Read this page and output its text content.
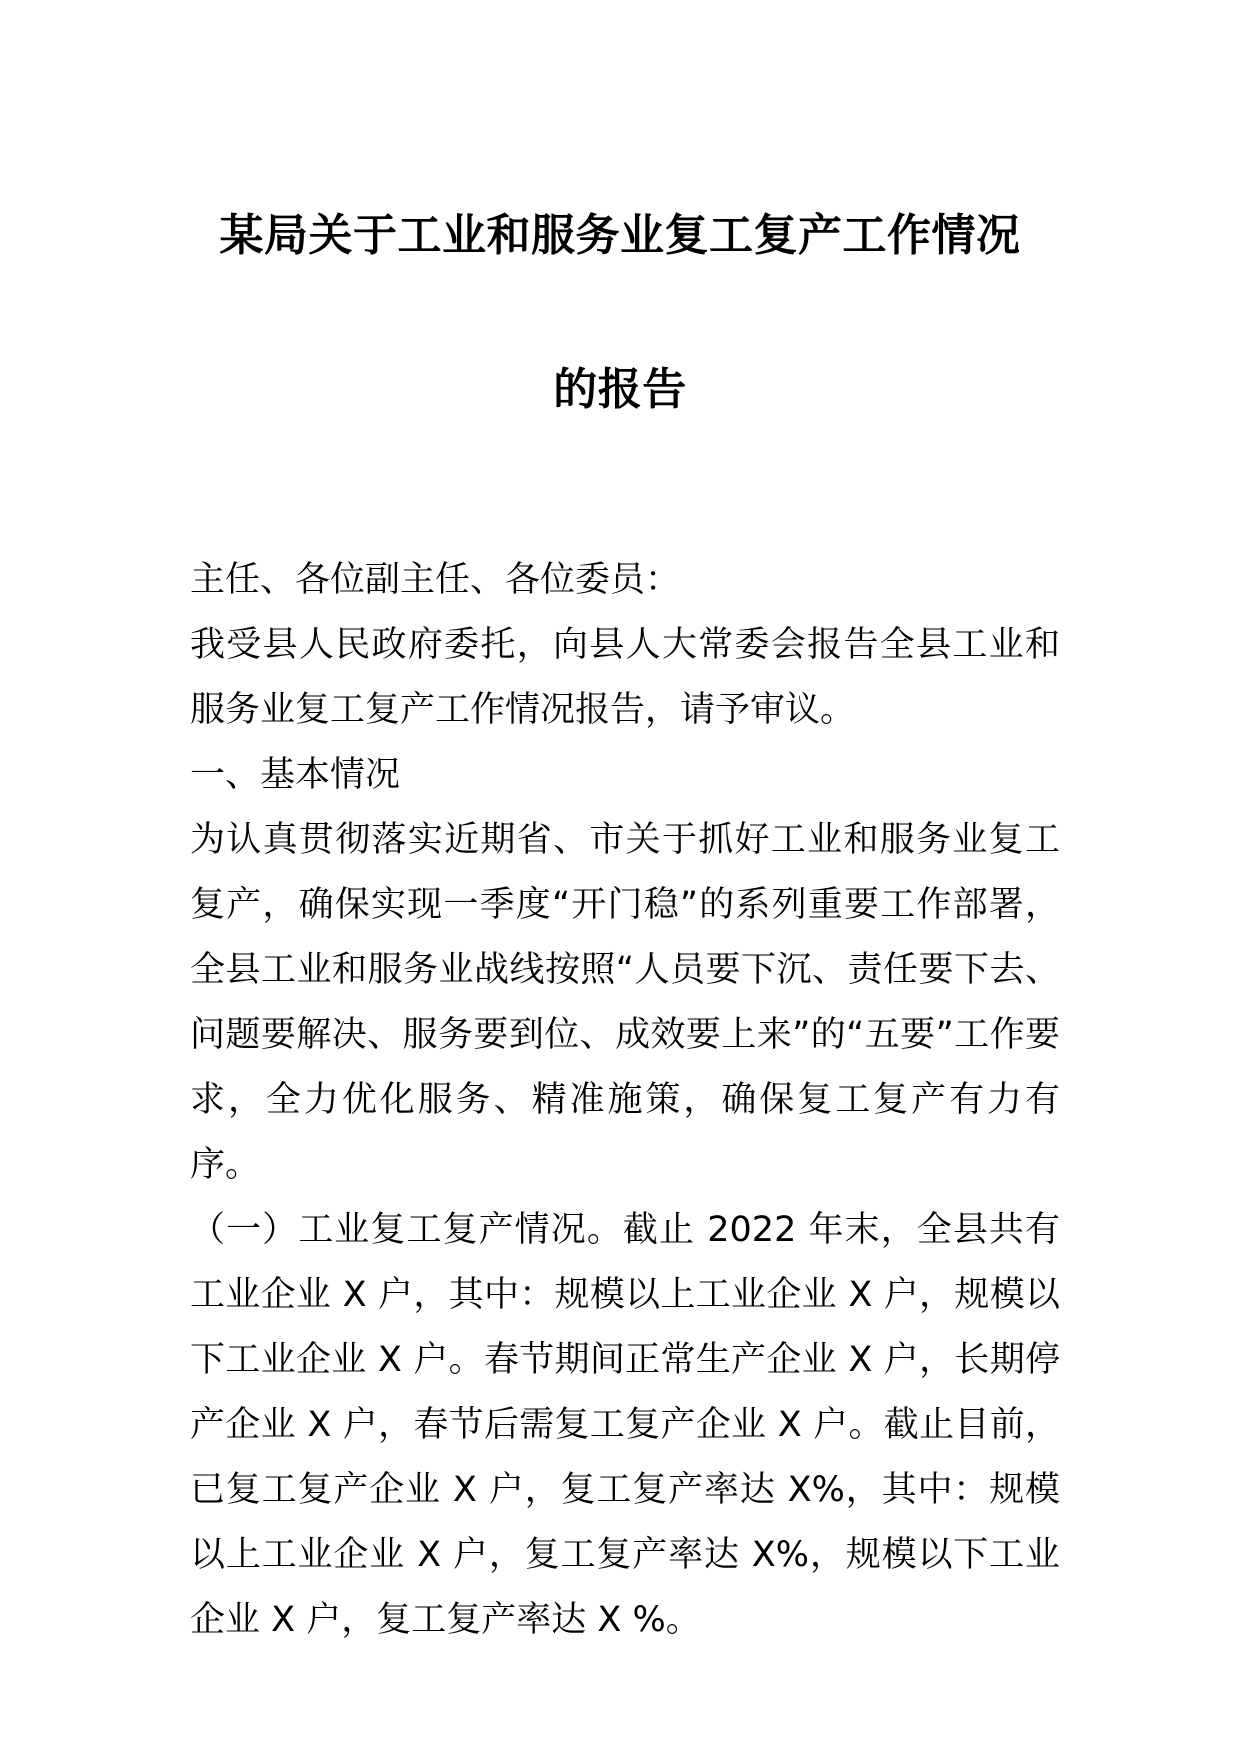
某局关于工业和服务业复工复产工作情况
的报告

主任、各位副主任、各位委员：

我受县人民政府委托，向县人大常委会报告全县工业和服务业复工复产工作情况报告，请予审议。

一、基本情况

为认真贯彻落实近期省、市关于抓好工业和服务业复工复产，确保实现一季度“开门稳”的系列重要工作部署，全县工业和服务业战线按照“人员要下沉、责任要下去、问题要解决、服务要到位、成效要上来”的“五要”工作要求，全力优化服务、精准施策，确保复工复产有力有序。

（一）工业复工复产情况。截止 2022 年末，全县共有工业企业 X 户，其中：规模以上工业企业 X 户，规模以下工业企业 X 户。春节期间正常生产企业 X 户，长期停产企业 X 户，春节后需复工复产企业 X 户。截止目前，已复工复产企业 X 户，复工复产率达 X%，其中：规模以上工业企业 X 户，复工复产率达 X%，规模以下工业企业 X 户，复工复产率达 X %。
